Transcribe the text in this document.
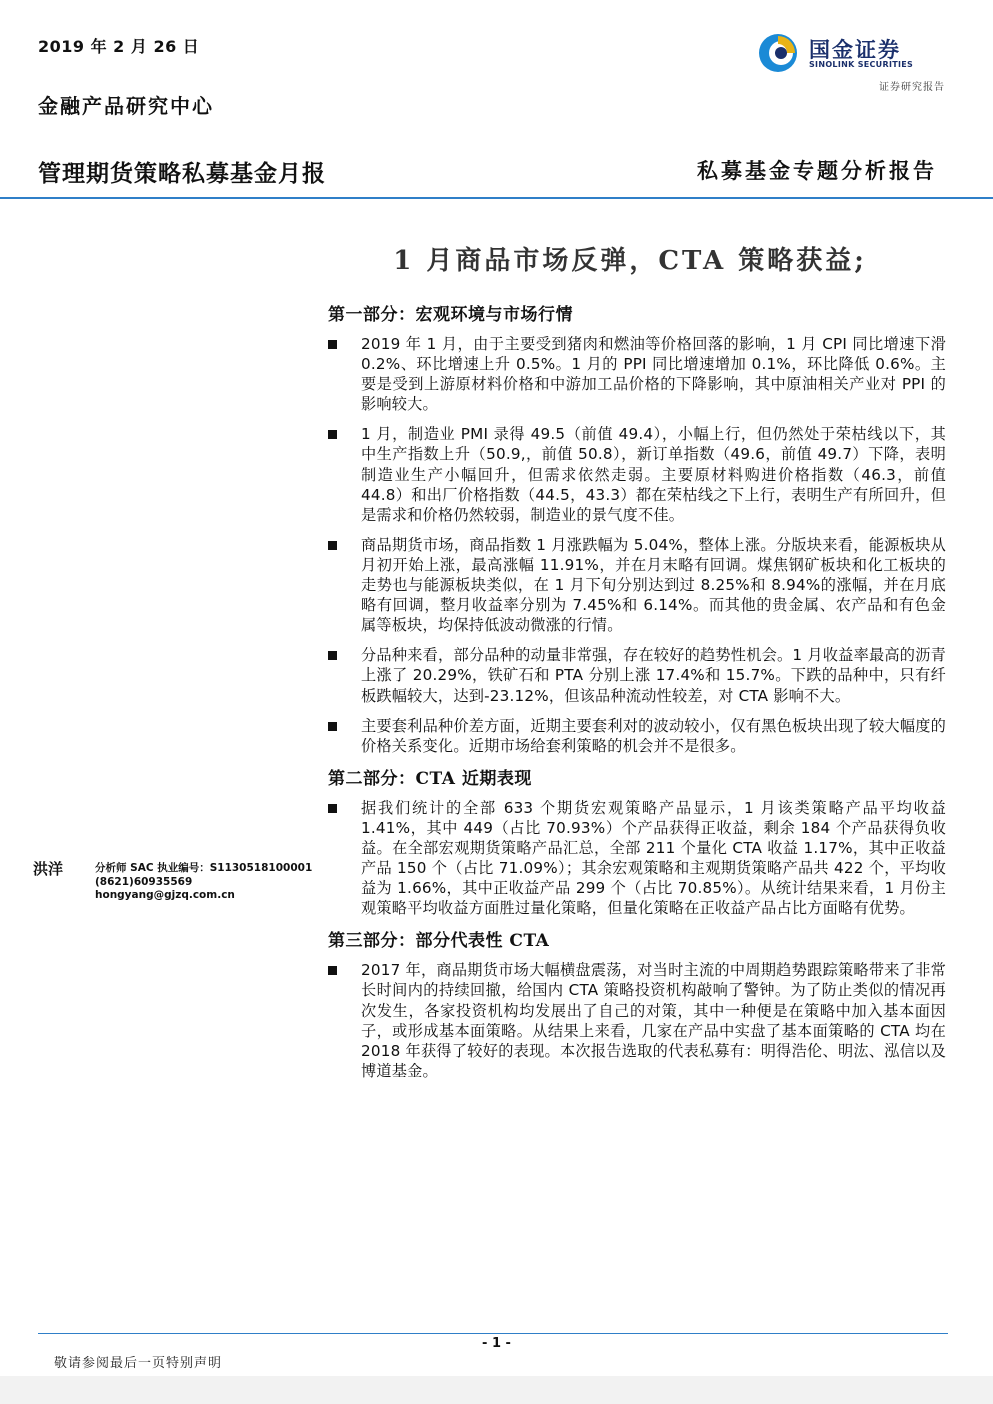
2019 年 2 月 26 日
金融产品研究中心
管理期货策略私募基金月报	私募基金专题分析报告
国金证券
SINOLINK SECURITIES
证券研究报告
1 月商品市场反弹，CTA 策略获益;
第一部分：宏观环境与市场行情
2019 年 1 月，由于主要受到猪肉和燃油等价格回落的影响，1 月 CPI 同比增速下滑 0.2%、环比增速上升 0.5%。1 月的 PPI 同比增速增加 0.1%，环比降低 0.6%。主要是受到上游原材料价格和中游加工品价格的下降影响，其中原油相关产业对 PPI 的影响较大。
1 月，制造业 PMI 录得 49.5（前值 49.4），小幅上行，但仍然处于荣枯线以下，其中生产指数上升（50.9,，前值 50.8），新订单指数（49.6，前值 49.7）下降，表明制造业生产小幅回升，但需求依然走弱。主要原材料购进价格指数（46.3，前值 44.8）和出厂价格指数（44.5，43.3）都在荣枯线之下上行，表明生产有所回升，但是需求和价格仍然较弱，制造业的景气度不佳。
商品期货市场，商品指数 1 月涨跌幅为 5.04%，整体上涨。分版块来看，能源板块从月初开始上涨，最高涨幅 11.91%，并在月末略有回调。煤焦钢矿板块和化工板块的走势也与能源板块类似，在 1 月下旬分别达到过 8.25%和 8.94%的涨幅，并在月底略有回调，整月收益率分别为 7.45%和 6.14%。而其他的贵金属、农产品和有色金属等板块，均保持低波动微涨的行情。
分品种来看，部分品种的动量非常强，存在较好的趋势性机会。1 月收益率最高的沥青上涨了 20.29%，铁矿石和 PTA 分别上涨 17.4%和 15.7%。下跌的品种中，只有纤板跌幅较大，达到-23.12%，但该品种流动性较差，对 CTA 影响不大。
主要套利品种价差方面，近期主要套利对的波动较小，仅有黑色板块出现了较大幅度的价格关系变化。近期市场给套利策略的机会并不是很多。
第二部分：CTA 近期表现
据我们统计的全部 633 个期货宏观策略产品显示，1 月该类策略产品平均收益 1.41%，其中 449（占比 70.93%）个产品获得正收益，剩余 184 个产品获得负收益。在全部宏观期货策略产品汇总，全部 211 个量化 CTA 收益 1.17%，其中正收益产品 150 个（占比 71.09%）；其余宏观策略和主观期货策略产品共 422 个，平均收益为 1.66%，其中正收益产品 299 个（占比 70.85%）。从统计结果来看，1 月份主观策略平均收益方面胜过量化策略，但量化策略在正收益产品占比方面略有优势。
第三部分：部分代表性 CTA
2017 年，商品期货市场大幅横盘震荡，对当时主流的中周期趋势跟踪策略带来了非常长时间内的持续回撤，给国内 CTA 策略投资机构敲响了警钟。为了防止类似的情况再次发生，各家投资机构均发展出了自己的对策，其中一种便是在策略中加入基本面因子，或形成基本面策略。从结果上来看，几家在产品中实盘了基本面策略的 CTA 均在 2018 年获得了较好的表现。本次报告选取的代表私募有：明得浩伦、明汯、泓信以及博道基金。
洪洋	分析师 SAC 执业编号：S1130518100001
(8621)60935569
hongyang@gjzq.com.cn
- 1 -
敬请参阅最后一页特别声明
